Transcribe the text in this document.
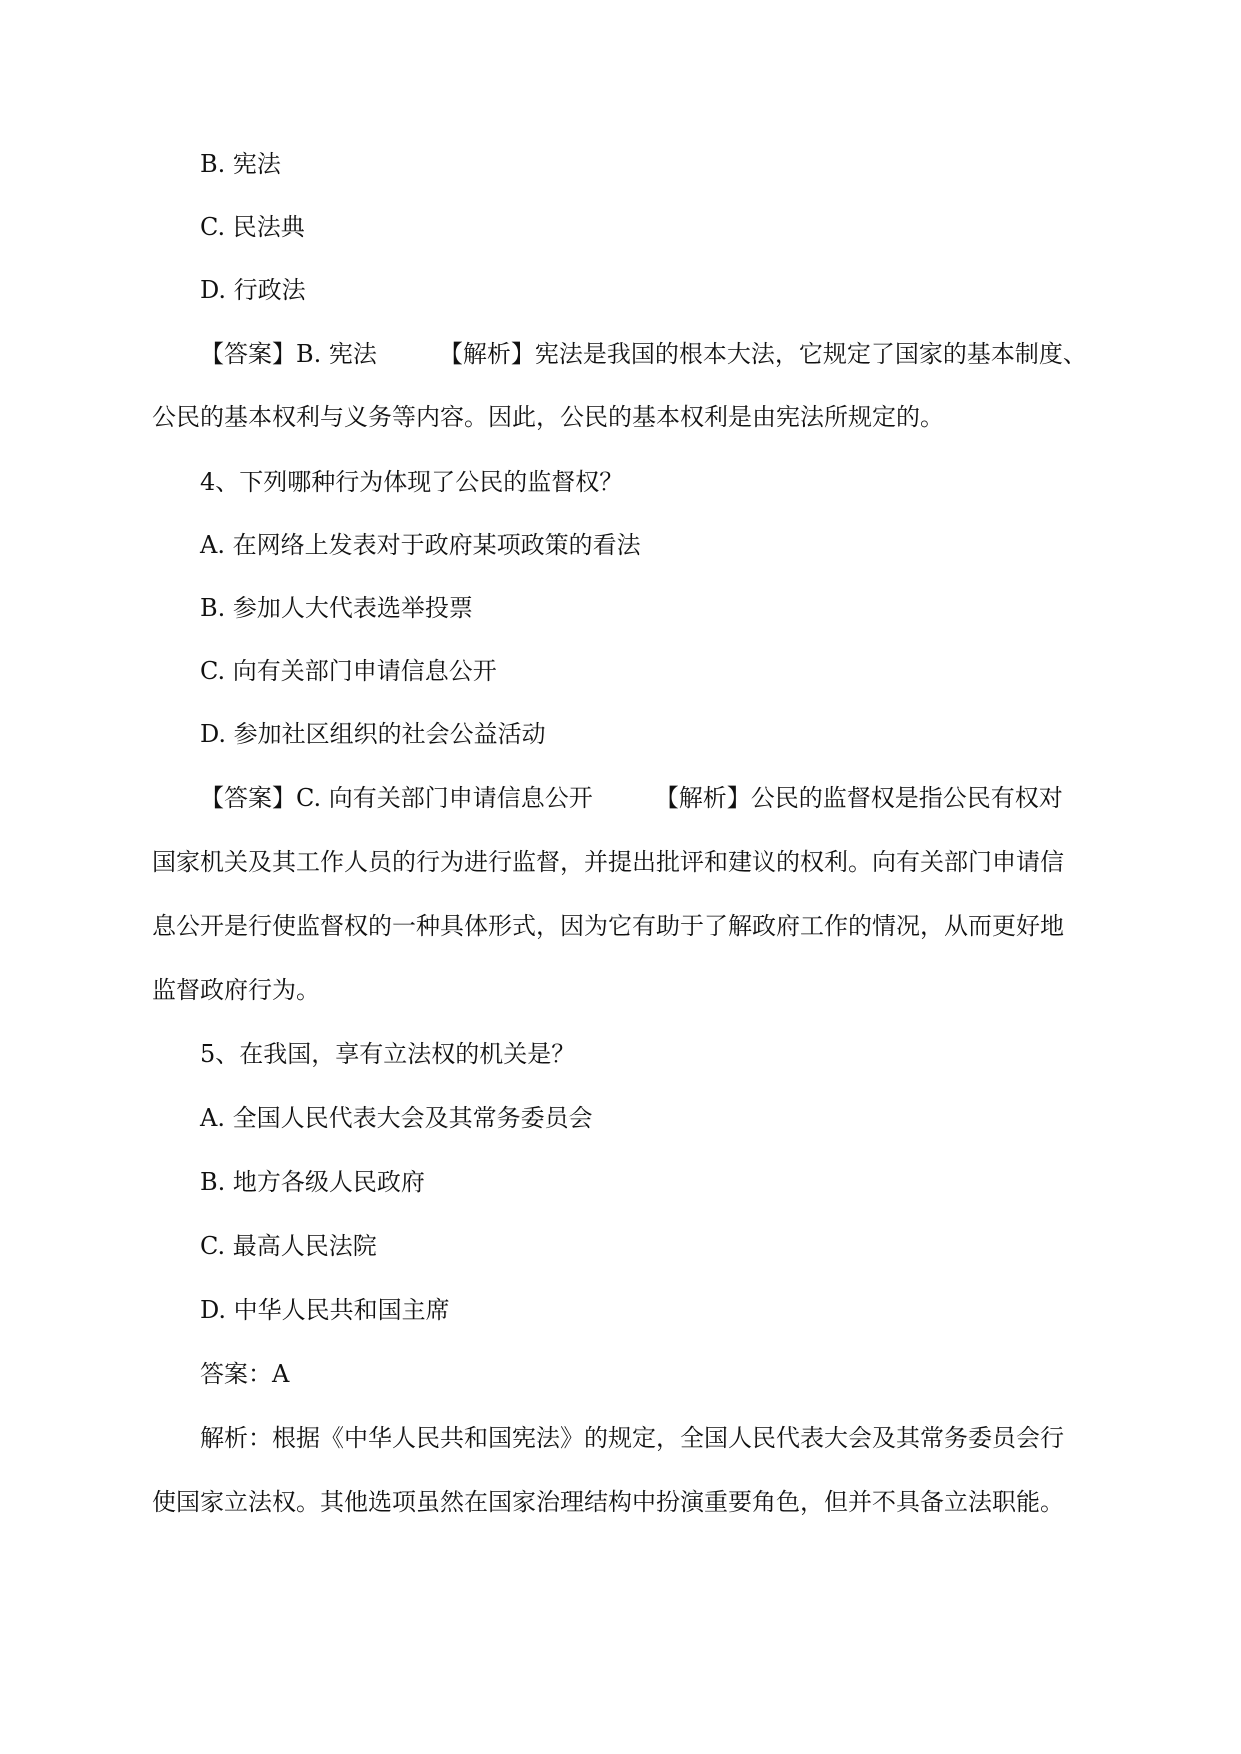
B. 宪法
C. 民法典
D. 行政法
【答案】B. 宪法	【解析】宪法是我国的根本大法，它规定了国家的基本制度、
公民的基本权利与义务等内容。因此，公民的基本权利是由宪法所规定的。
4、下列哪种行为体现了公民的监督权？
A. 在网络上发表对于政府某项政策的看法
B. 参加人大代表选举投票
C. 向有关部门申请信息公开
D. 参加社区组织的社会公益活动
【答案】C. 向有关部门申请信息公开	【解析】公民的监督权是指公民有权对
国家机关及其工作人员的行为进行监督，并提出批评和建议的权利。向有关部门申请信
息公开是行使监督权的一种具体形式，因为它有助于了解政府工作的情况，从而更好地
监督政府行为。
5、在我国，享有立法权的机关是？
A. 全国人民代表大会及其常务委员会
B. 地方各级人民政府
C. 最高人民法院
D. 中华人民共和国主席
答案：A
解析：根据《中华人民共和国宪法》的规定，全国人民代表大会及其常务委员会行
使国家立法权。其他选项虽然在国家治理结构中扮演重要角色，但并不具备立法职能。
